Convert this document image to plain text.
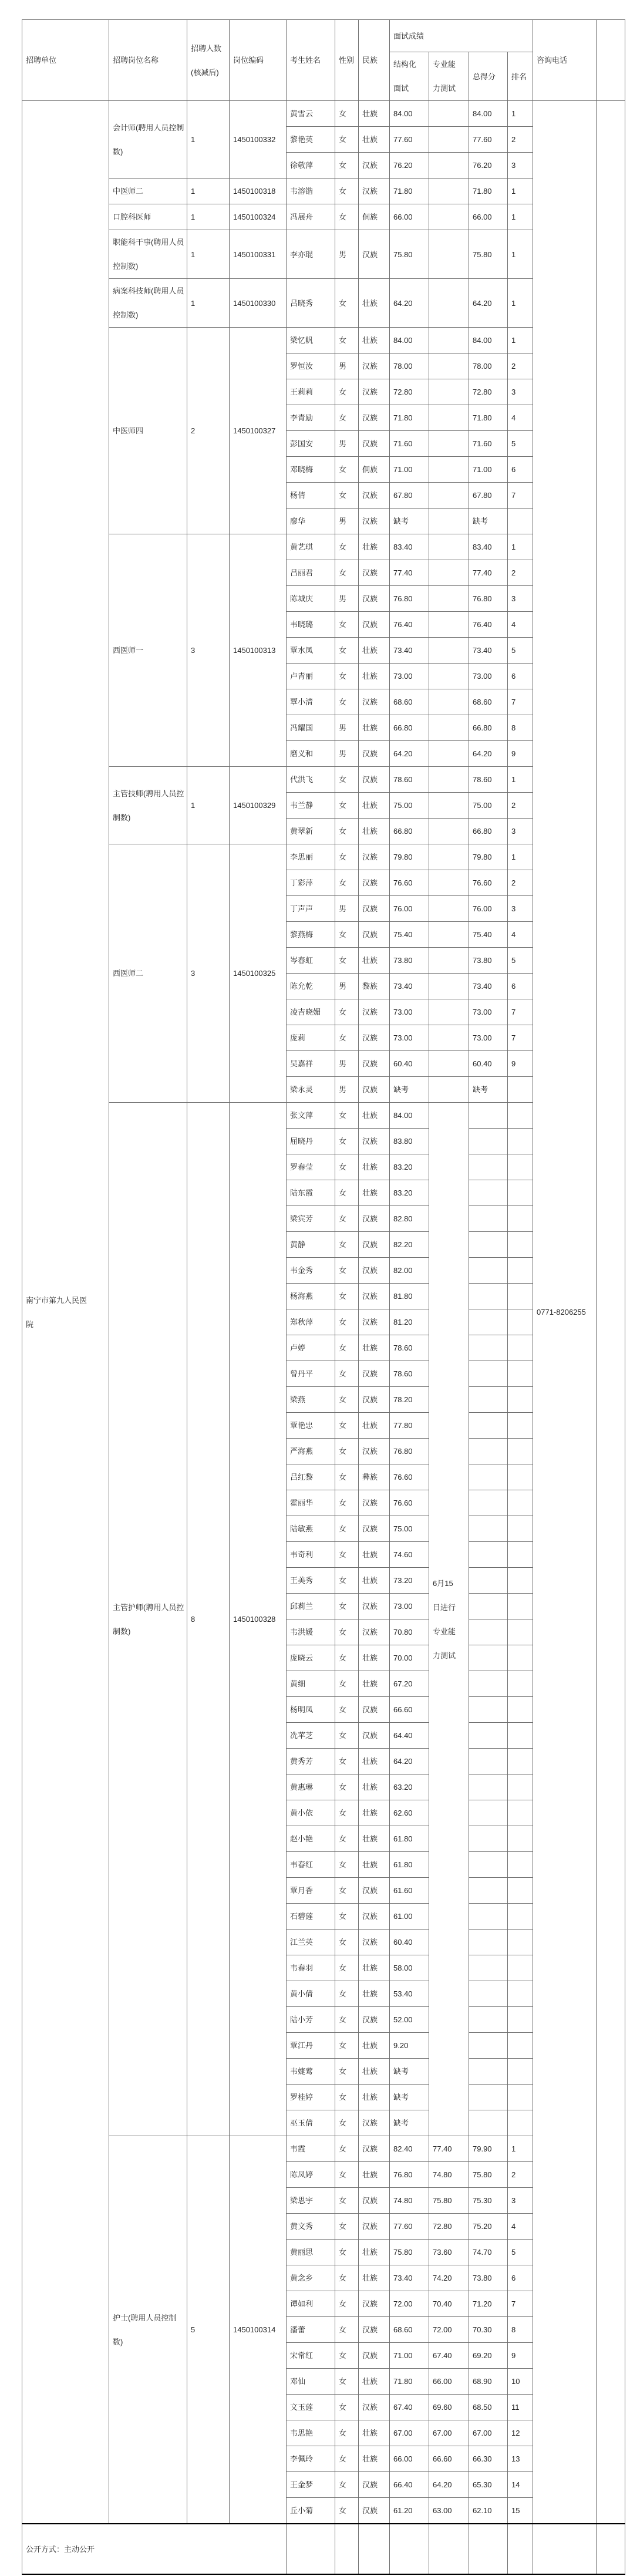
招聘单位	招聘岗位名称	招聘人数(核减后)	岗位编码	考生姓名	性别	民族	面试成绩				咨询电话	
							结构化面试	专业能力测试	总得分	排名		
南宁市第九人民医院	会计师(聘用人员控制数)	1	1450100332	黄雪云	女	壮族	84.00		84.00	1	0771-8206255	
				黎艳英	女	壮族	77.60		77.60	2		
				徐敬萍	女	汉族	76.20		76.20	3		
	中医师二	1	1450100318	韦溶锴	女	汉族	71.80		71.80	1		
	口腔科医师	1	1450100324	冯展舟	女	侗族	66.00		66.00	1		
	职能科干事(聘用人员控制数)	1	1450100331	李亦琨	男	汉族	75.80		75.80	1		
	病案科技师(聘用人员控制数)	1	1450100330	吕晓秀	女	壮族	64.20		64.20	1		
	中医师四	2	1450100327	梁忆帆	女	壮族	84.00		84.00	1		
				罗恒汝	男	汉族	78.00		78.00	2		
				王莉莉	女	汉族	72.80		72.80	3		
				李青励	女	汉族	71.80		71.80	4		
				彭国安	男	汉族	71.60		71.60	5		
				邓晓梅	女	侗族	71.00		71.00	6		
				杨倩	女	汉族	67.80		67.80	7		
				廖华	男	汉族	缺考		缺考			
	西医师一	3	1450100313	黄艺琪	女	壮族	83.40		83.40	1		
				吕丽君	女	汉族	77.40		77.40	2		
				陈城庆	男	汉族	76.80		76.80	3		
				韦晓璐	女	汉族	76.40		76.40	4		
				覃水凤	女	壮族	73.40		73.40	5		
				卢青丽	女	壮族	73.00		73.00	6		
				覃小清	女	汉族	68.60		68.60	7		
				冯耀国	男	壮族	66.80		66.80	8		
				磨义和	男	汉族	64.20		64.20	9		
	主管技师(聘用人员控制数)	1	1450100329	代洪飞	女	汉族	78.60		78.60	1		
				韦兰静	女	壮族	75.00		75.00	2		
				黄翠新	女	壮族	66.80		66.80	3		
	西医师二	3	1450100325	李思丽	女	汉族	79.80		79.80	1		
				丁彩萍	女	汉族	76.60		76.60	2		
				丁声声	男	汉族	76.00		76.00	3		
				黎燕梅	女	汉族	75.40		75.40	4		
				岑春虹	女	壮族	73.80		73.80	5		
				陈允乾	男	黎族	73.40		73.40	6		
				凌吉晓媚	女	汉族	73.00		73.00	7		
				庞莉	女	汉族	73.00		73.00	7		
				吴嘉祥	男	汉族	60.40		60.40	9		
				梁永灵	男	汉族	缺考		缺考			
	主管护师(聘用人员控制数)	8	1450100328	张文萍	女	壮族	84.00	6月15日进行专业能力测试				
				屈晓丹	女	汉族	83.80					
				罗春莹	女	壮族	83.20					
				陆东霞	女	壮族	83.20					
				梁宾芳	女	汉族	82.80					
				黄静	女	汉族	82.20					
				韦金秀	女	汉族	82.00					
				杨海燕	女	汉族	81.80					
				郑秋萍	女	汉族	81.20					
				卢婷	女	壮族	78.60					
				曾丹平	女	汉族	78.60					
				梁燕	女	汉族	78.20					
				覃艳忠	女	壮族	77.80					
				严海燕	女	汉族	76.80					
				吕红黎	女	彝族	76.60					
				霍丽华	女	汉族	76.60					
				陆敏燕	女	汉族	75.00					
				韦奇利	女	壮族	74.60					
				王美秀	女	壮族	73.20					
				邱莉兰	女	汉族	73.00					
				韦洪媛	女	汉族	70.80					
				庞晓云	女	壮族	70.00					
				黄细	女	壮族	67.20					
				杨明凤	女	汉族	66.60					
				冼苹芝	女	汉族	64.40					
				黄秀芳	女	壮族	64.20					
				黄惠琳	女	壮族	63.20					
				黄小依	女	壮族	62.60					
				赵小艳	女	壮族	61.80					
				韦春红	女	壮族	61.80					
				覃月香	女	汉族	61.60					
				石碧莲	女	汉族	61.00					
				江兰英	女	汉族	60.40					
				韦春羽	女	壮族	58.00					
				黄小倩	女	壮族	53.40					
				陆小芳	女	汉族	52.00					
				覃江丹	女	壮族	9.20					
				韦婕莺	女	壮族	缺考					
				罗桂婷	女	壮族	缺考					
				巫玉倩	女	汉族	缺考					
	护士(聘用人员控制数)	5	1450100314	韦霞	女	汉族	82.40	77.40	79.90	1		
				陈凤婷	女	壮族	76.80	74.80	75.80	2		
				梁思宇	女	汉族	74.80	75.80	75.30	3		
				黄文秀	女	汉族	77.60	72.80	75.20	4		
				黄丽思	女	壮族	75.80	73.60	74.70	5		
				黄念乡	女	壮族	73.40	74.20	73.80	6		
				谭如利	女	汉族	72.00	70.40	71.20	7		
				潘蕾	女	汉族	68.60	72.00	70.30	8		
				宋常红	女	汉族	71.00	67.40	69.20	9		
				邓仙	女	壮族	71.80	66.00	68.90	10		
				文玉莲	女	汉族	67.40	69.60	68.50	11		
				韦思艳	女	壮族	67.00	67.00	67.00	12		
				李佩玲	女	壮族	66.00	66.60	66.30	13		
				王金梦	女	汉族	66.40	64.20	65.30	14		
				丘小菊	女	汉族	61.20	63.00	62.10	15		
公开方式：主动公开												
